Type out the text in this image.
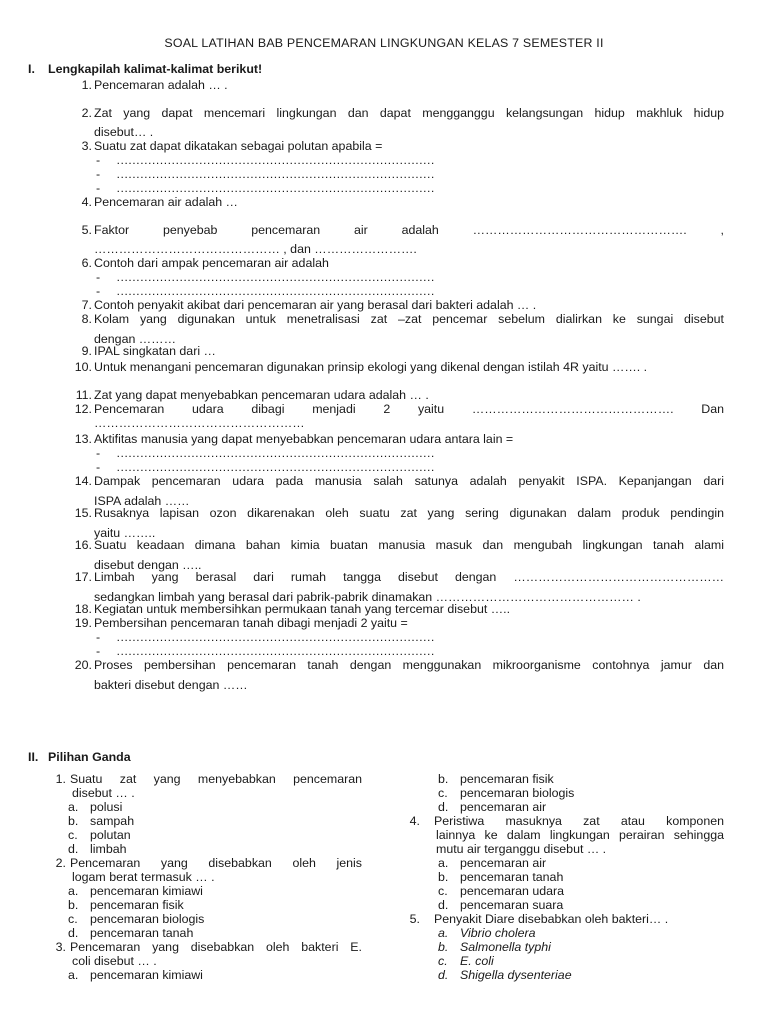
SOAL LATIHAN BAB PENCEMARAN LINGKUNGAN KELAS 7 SEMESTER II
I. Lengkapilah kalimat-kalimat berikut!
1. Pencemaran adalah … .
2. Zat yang dapat mencemari lingkungan dan dapat mengganggu kelangsungan hidup makhluk hidup
disebut… .
3. Suatu zat dapat dikatakan sebagai polutan apabila =
-	………………………………………………………………………
-	………………………………………………………………………
-	………………………………………………………………………
4. Pencemaran air adalah …
5. Faktor penyebab pencemaran air adalah ……………………………………………. ,
……………………………………… , dan …………………….
6. Contoh dari ampak pencemaran air adalah
-	………………………………………………………………………
-	………………………………………………………………………
7. Contoh penyakit akibat dari pencemaran air yang berasal dari bakteri adalah … .
8. Kolam yang digunakan untuk menetralisasi zat –zat pencemar sebelum dialirkan ke sungai disebut
dengan ………
9. IPAL singkatan dari …
10. Untuk menangani pencemaran digunakan prinsip ekologi yang dikenal dengan istilah 4R yaitu ……. .
11. Zat yang dapat menyebabkan pencemaran udara adalah … .
12. Pencemaran udara dibagi menjadi 2 yaitu …………………………………………. Dan
……………………………………………
13. Aktifitas manusia yang dapat menyebabkan pencemaran udara antara lain =
-	………………………………………………………………………
-	………………………………………………………………………
14. Dampak pencemaran udara pada manusia salah satunya adalah penyakit ISPA. Kepanjangan dari
ISPA adalah ……
15. Rusaknya lapisan ozon dikarenakan oleh suatu zat yang sering digunakan dalam produk pendingin
yaitu ……..
16. Suatu keadaan dimana bahan kimia buatan manusia masuk dan mengubah lingkungan tanah alami
disebut dengan …..
17. Limbah yang berasal dari rumah tangga disebut dengan ……………………………………………
sedangkan limbah yang berasal dari pabrik-pabrik dinamakan ………………………………………… .
18. Kegiatan untuk membersihkan permukaan tanah yang tercemar disebut …..
19. Pembersihan pencemaran tanah dibagi menjadi 2 yaitu =
-	………………………………………………………………………
-	………………………………………………………………………
20. Proses pembersihan pencemaran tanah dengan menggunakan mikroorganisme contohnya jamur dan
bakteri disebut dengan ……
II. Pilihan Ganda
1. Suatu zat yang menyebabkan pencemaran
disebut … .
a. polusi
b. sampah
c. polutan
d. limbah
2. Pencemaran yang disebabkan oleh jenis
logam berat termasuk … .
a. pencemaran kimiawi
b. pencemaran fisik
c. pencemaran biologis
d. pencemaran tanah
3. Pencemaran yang disebabkan oleh bakteri E.
coli disebut … .
a. pencemaran kimiawi
b. pencemaran fisik
c. pencemaran biologis
d. pencemaran air
4. Peristiwa masuknya zat atau komponen
lainnya ke dalam lingkungan perairan sehingga
mutu air terganggu disebut … .
a. pencemaran air
b. pencemaran tanah
c. pencemaran udara
d. pencemaran suara
5. Penyakit Diare disebabkan oleh bakteri… .
a. Vibrio cholera
b. Salmonella typhi
c. E. coli
d. Shigella dysenteriae
